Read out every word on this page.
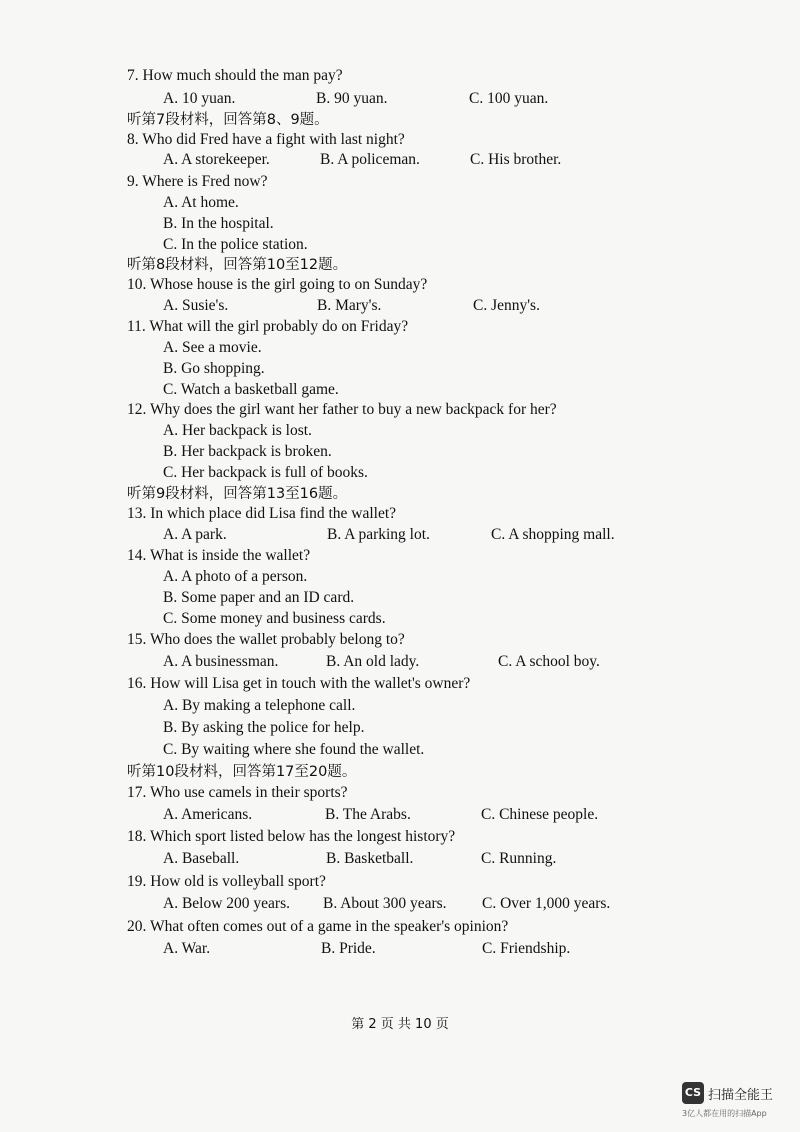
7. How much should the man pay?
A. 10 yuan.	B. 90 yuan.	C. 100 yuan.
听第7段材料，回答第8、9题。
8. Who did Fred have a fight with last night?
A. A storekeeper.	B. A policeman.	C. His brother.
9. Where is Fred now?
A. At home.
B. In the hospital.
C. In the police station.
听第8段材料，回答第10至12题。
10. Whose house is the girl going to on Sunday?
A. Susie's.	B. Mary's.	C. Jenny's.
11. What will the girl probably do on Friday?
A. See a movie.
B. Go shopping.
C. Watch a basketball game.
12. Why does the girl want her father to buy a new backpack for her?
A. Her backpack is lost.
B. Her backpack is broken.
C. Her backpack is full of books.
听第9段材料，回答第13至16题。
13. In which place did Lisa find the wallet?
A. A park.	B. A parking lot.	C. A shopping mall.
14. What is inside the wallet?
A. A photo of a person.
B. Some paper and an ID card.
C. Some money and business cards.
15. Who does the wallet probably belong to?
A. A businessman.	B. An old lady.	C. A school boy.
16. How will Lisa get in touch with the wallet's owner?
A. By making a telephone call.
B. By asking the police for help.
C. By waiting where she found the wallet.
听第10段材料，回答第17至20题。
17. Who use camels in their sports?
A. Americans.	B. The Arabs.	C. Chinese people.
18. Which sport listed below has the longest history?
A. Baseball.	B. Basketball.	C. Running.
19. How old is volleyball sport?
A. Below 200 years. B. About 300 years. C. Over 1,000 years.
20. What often comes out of a game in the speaker's opinion?
A. War.	B. Pride.	C. Friendship.
第 2 页 共 10 页
CS 扫描全能王
3亿人都在用的扫描App
